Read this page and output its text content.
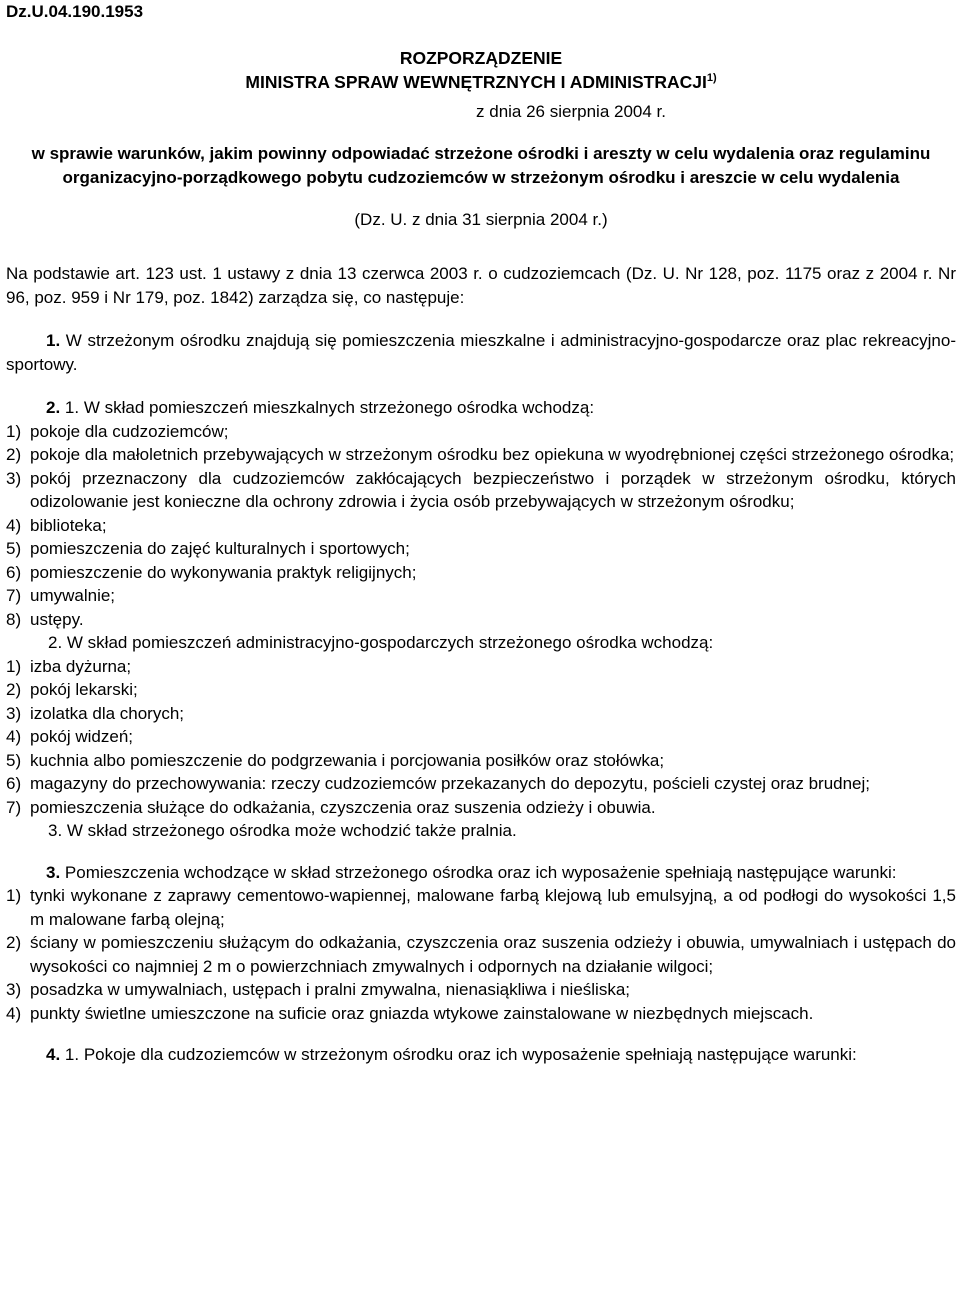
Dz.U.04.190.1953
ROZPORZĄDZENIE
MINISTRA SPRAW WEWNĘTRZNYCH I ADMINISTRACJI$^{1)}$
z dnia 26 sierpnia 2004 r.
w sprawie warunków, jakim powinny odpowiadać strzeżone ośrodki i areszty w celu wydalenia oraz regulaminu organizacyjno-porządkowego pobytu cudzoziemców w strzeżonym ośrodku i areszcie w celu wydalenia
(Dz. U. z dnia 31 sierpnia 2004 r.)

Na podstawie art. 123 ust. 1 ustawy z dnia 13 czerwca 2003 r. o cudzoziemcach (Dz. U. Nr 128, poz. 1175 oraz z 2004 r. Nr 96, poz. 959 i Nr 179, poz. 1842) zarządza się, co następuje:

1. W strzeżonym ośrodku znajdują się pomieszczenia mieszkalne i administracyjno-gospodarcze oraz plac rekreacyjno-sportowy.

2. 1. W skład pomieszczeń mieszkalnych strzeżonego ośrodka wchodzą:

1) pokoje dla cudzoziemców;
2) pokoje dla małoletnich przebywających w strzeżonym ośrodku bez opiekuna w wyodrębnionej części strzeżonego ośrodka;
3) pokój przeznaczony dla cudzoziemców zakłócających bezpieczeństwo i porządek w strzeżonym ośrodku, których odizolowanie jest konieczne dla ochrony zdrowia i życia osób przebywających w strzeżonym ośrodku;
4) biblioteka;
5) pomieszczenia do zajęć kulturalnych i sportowych;
6) pomieszczenie do wykonywania praktyk religijnych;
7) umywalnie;
8) ustępy.
2. W skład pomieszczeń administracyjno-gospodarczych strzeżonego ośrodka wchodzą:
1) izba dyżurna;
2) pokój lekarski;
3) izolatka dla chorych;
4) pokój widzeń;
5) kuchnia albo pomieszczenie do podgrzewania i porcjowania posiłków oraz stołówka;
6) magazyny do przechowywania: rzeczy cudzoziemców przekazanych do depozytu, pościeli czystej oraz brudnej;
7) pomieszczenia służące do odkażania, czyszczenia oraz suszenia odzieży i obuwia.
3. W skład strzeżonego ośrodka może wchodzić także pralnia.

3. Pomieszczenia wchodzące w skład strzeżonego ośrodka oraz ich wyposażenie spełniają następujące warunki:

1) tynki wykonane z zaprawy cementowo-wapiennej, malowane farbą klejową lub emulsyjną, a od podłogi do wysokości 1,5 m malowane farbą olejną;
2) ściany w pomieszczeniu służącym do odkażania, czyszczenia oraz suszenia odzieży i obuwia, umywalniach i ustępach do wysokości co najmniej 2 m o powierzchniach zmywalnych i odpornych na działanie wilgoci;
3) posadzka w umywalniach, ustępach i pralni zmywalna, nienasiąkliwa i nieśliska;
4) punkty świetlne umieszczone na suficie oraz gniazda wtykowe zainstalowane w niezbędnych miejscach.

4. 1. Pokoje dla cudzoziemców w strzeżonym ośrodku oraz ich wyposażenie spełniają następujące warunki:
